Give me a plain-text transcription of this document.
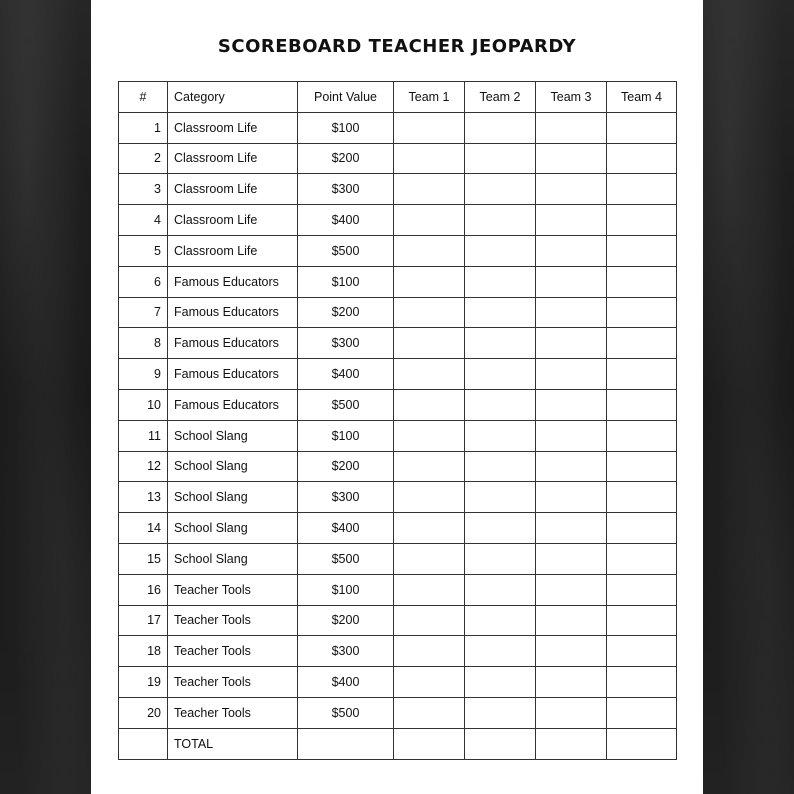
SCOREBOARD TEACHER JEOPARDY
#	Category	Point Value	Team 1	Team 2	Team 3	Team 4
1	Classroom Life	$100				
2	Classroom Life	$200				
3	Classroom Life	$300				
4	Classroom Life	$400				
5	Classroom Life	$500				
6	Famous Educators	$100				
7	Famous Educators	$200				
8	Famous Educators	$300				
9	Famous Educators	$400				
10	Famous Educators	$500				
11	School Slang	$100				
12	School Slang	$200				
13	School Slang	$300				
14	School Slang	$400				
15	School Slang	$500				
16	Teacher Tools	$100				
17	Teacher Tools	$200				
18	Teacher Tools	$300				
19	Teacher Tools	$400				
20	Teacher Tools	$500				
	TOTAL					
